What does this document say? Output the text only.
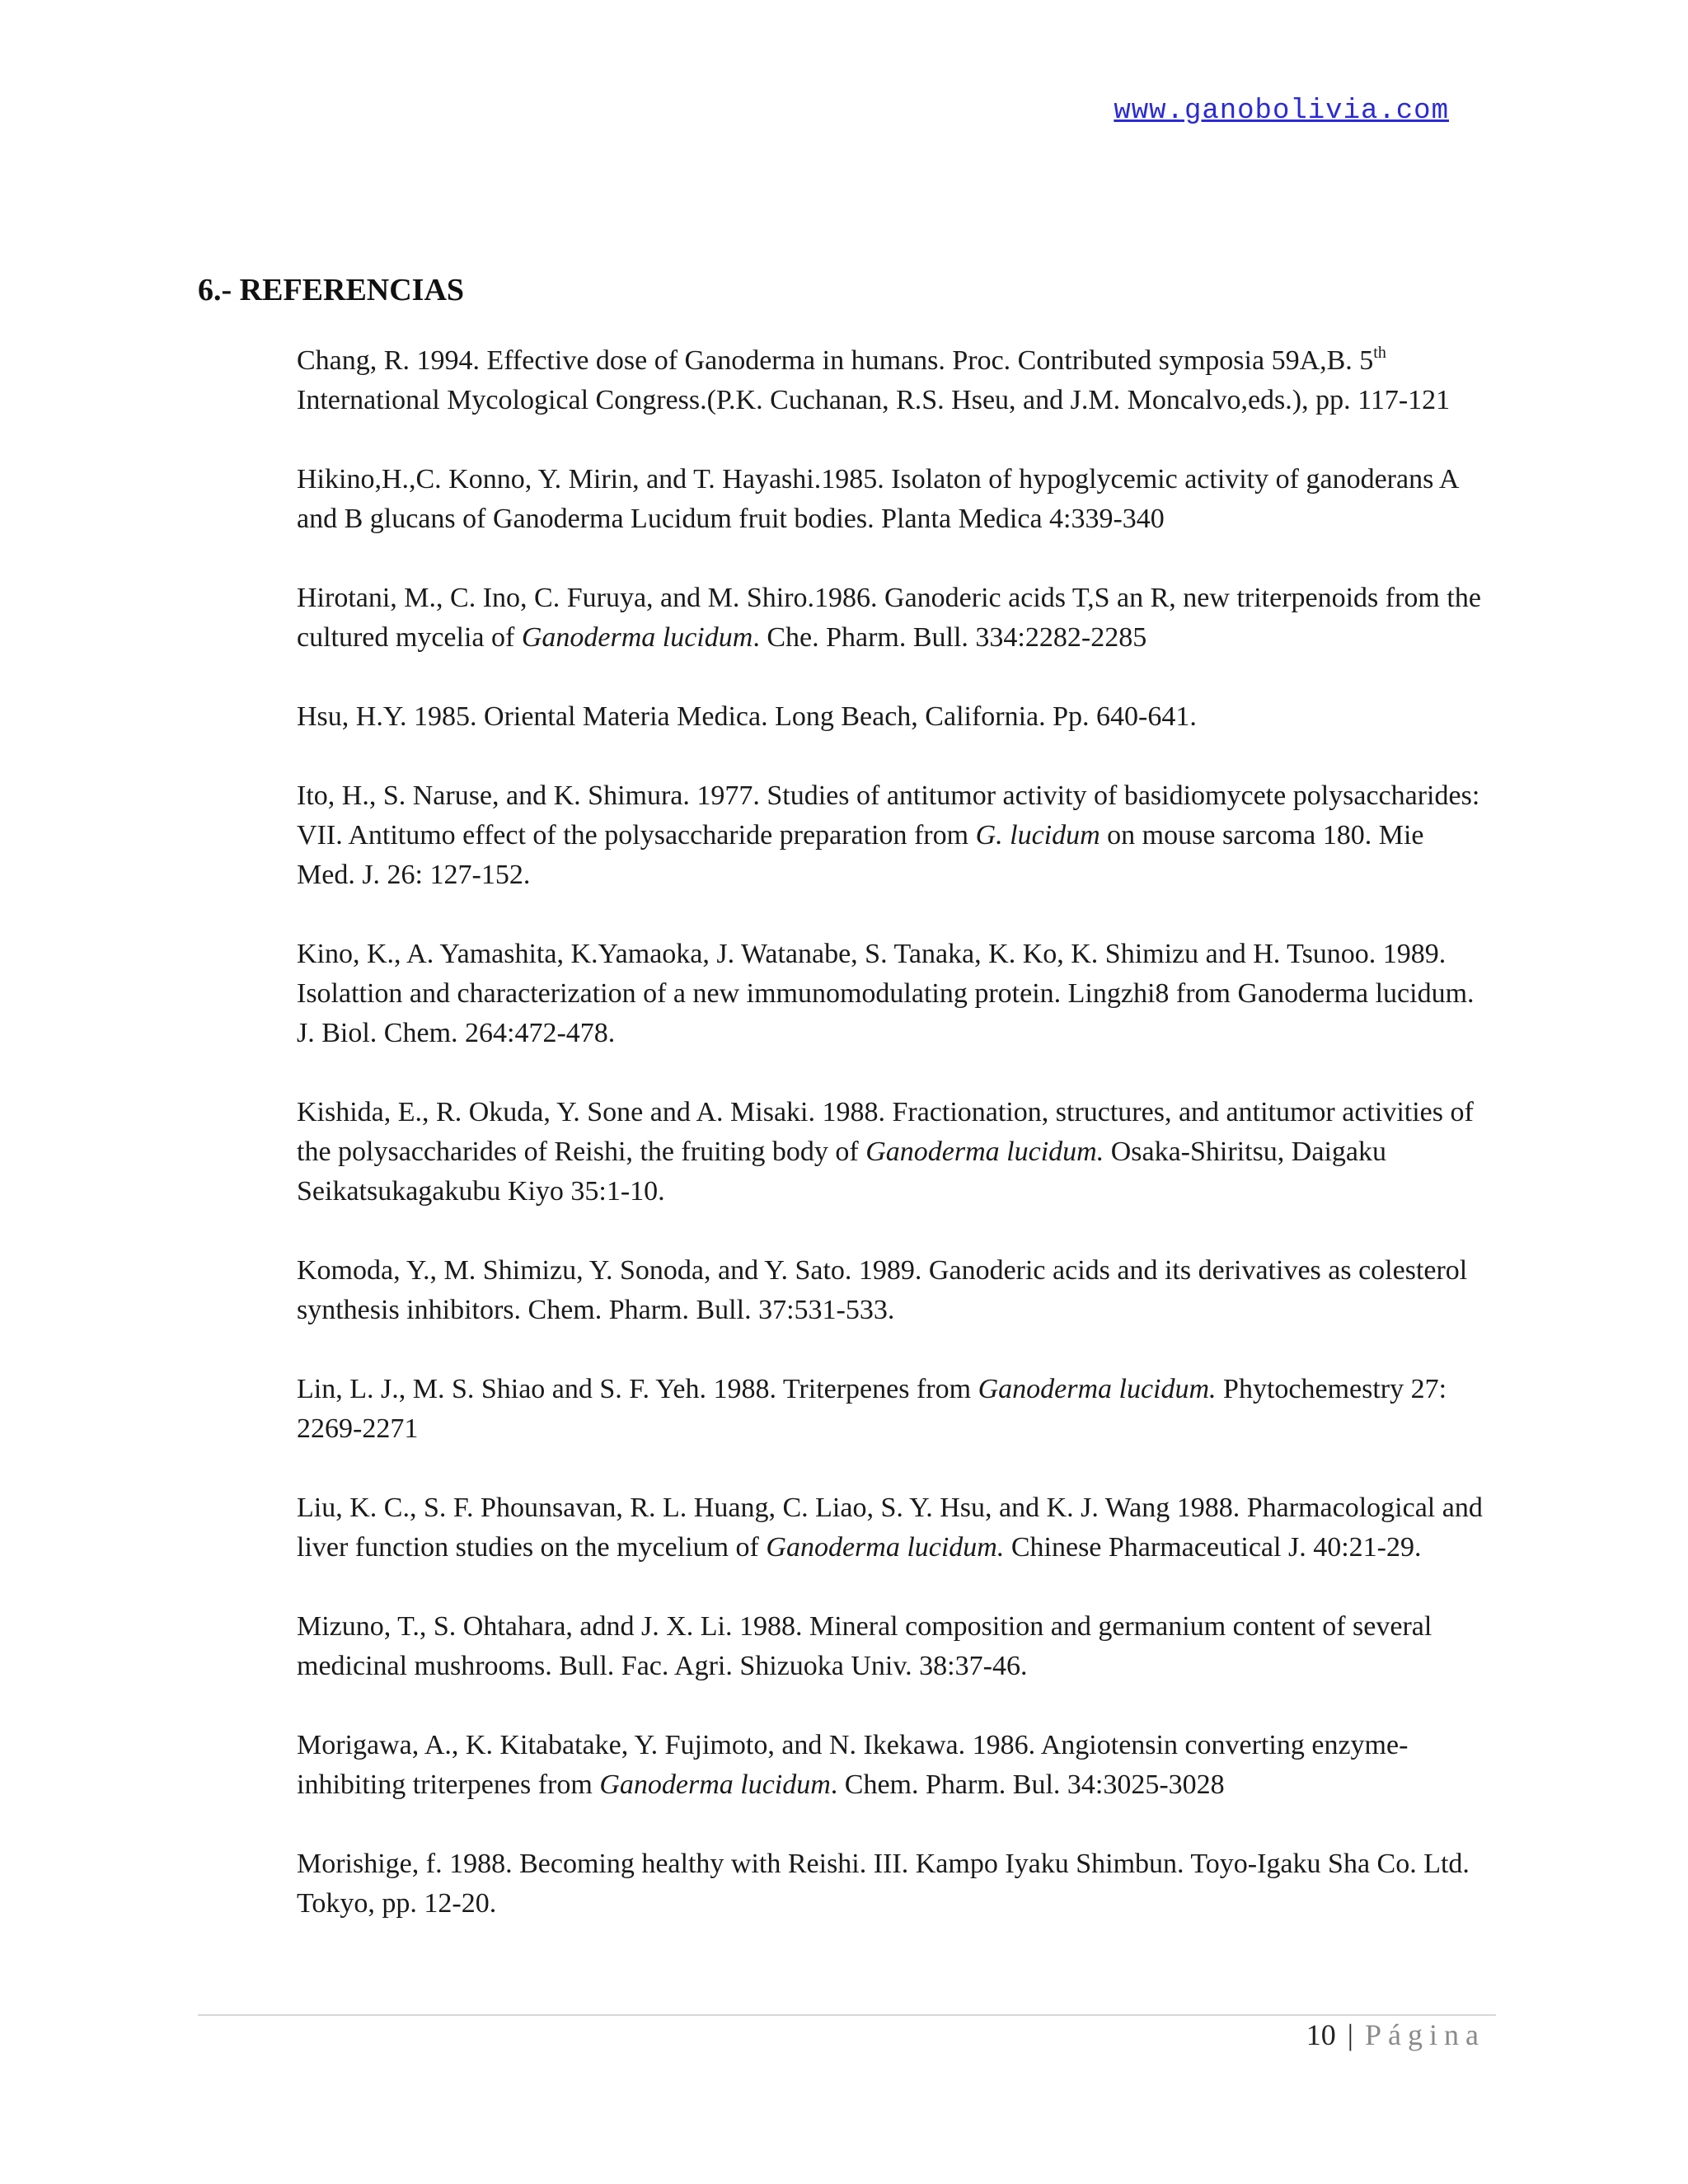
www.ganobolivia.com
6.- REFERENCIAS

Chang, R. 1994. Effective dose of Ganoderma in humans. Proc. Contributed symposia 59A,B. 5th International Mycological Congress.(P.K. Cuchanan, R.S. Hseu, and J.M. Moncalvo,eds.), pp. 117-121

Hikino,H.,C. Konno, Y. Mirin, and T. Hayashi.1985. Isolaton of hypoglycemic activity of ganoderans A and B glucans of Ganoderma Lucidum fruit bodies. Planta Medica 4:339-340

Hirotani, M., C. Ino, C. Furuya, and M. Shiro.1986. Ganoderic acids T,S an R, new triterpenoids from the cultured mycelia of Ganoderma lucidum. Che. Pharm. Bull. 334:2282-2285

Hsu, H.Y. 1985. Oriental Materia Medica. Long Beach, California. Pp. 640-641.

Ito, H., S. Naruse, and K. Shimura. 1977. Studies of antitumor activity of basidiomycete polysaccharides: VII. Antitumo effect of the polysaccharide preparation from G. lucidum on mouse sarcoma 180. Mie Med. J. 26: 127-152.

Kino, K., A. Yamashita, K.Yamaoka, J. Watanabe, S. Tanaka, K. Ko, K. Shimizu and H. Tsunoo. 1989. Isolattion and characterization of a new immunomodulating protein. Lingzhi8 from Ganoderma lucidum. J. Biol. Chem. 264:472-478.

Kishida, E., R. Okuda, Y. Sone and A. Misaki. 1988. Fractionation, structures, and antitumor activities of the polysaccharides of Reishi, the fruiting body of Ganoderma lucidum. Osaka-Shiritsu, Daigaku Seikatsukagakubu Kiyo 35:1-10.

Komoda, Y., M. Shimizu, Y. Sonoda, and Y. Sato. 1989. Ganoderic acids and its derivatives as colesterol synthesis inhibitors. Chem. Pharm. Bull. 37:531-533.

Lin, L. J., M. S. Shiao and S. F. Yeh. 1988. Triterpenes from Ganoderma lucidum. Phytochemestry 27: 2269-2271

Liu, K. C., S. F. Phounsavan, R. L. Huang, C. Liao, S. Y. Hsu, and K. J. Wang 1988. Pharmacological and liver function studies on the mycelium of Ganoderma lucidum. Chinese Pharmaceutical J. 40:21-29.

Mizuno, T., S. Ohtahara, adnd J. X. Li. 1988. Mineral composition and germanium content of several medicinal mushrooms. Bull. Fac. Agri. Shizuoka Univ. 38:37-46.

Morigawa, A., K. Kitabatake, Y. Fujimoto, and N. Ikekawa. 1986. Angiotensin converting enzyme-inhibiting triterpenes from Ganoderma lucidum. Chem. Pharm. Bul. 34:3025-3028

Morishige, f. 1988. Becoming healthy with Reishi. III. Kampo Iyaku Shimbun. Toyo-Igaku Sha Co. Ltd. Tokyo, pp. 12-20.

10 | Página
